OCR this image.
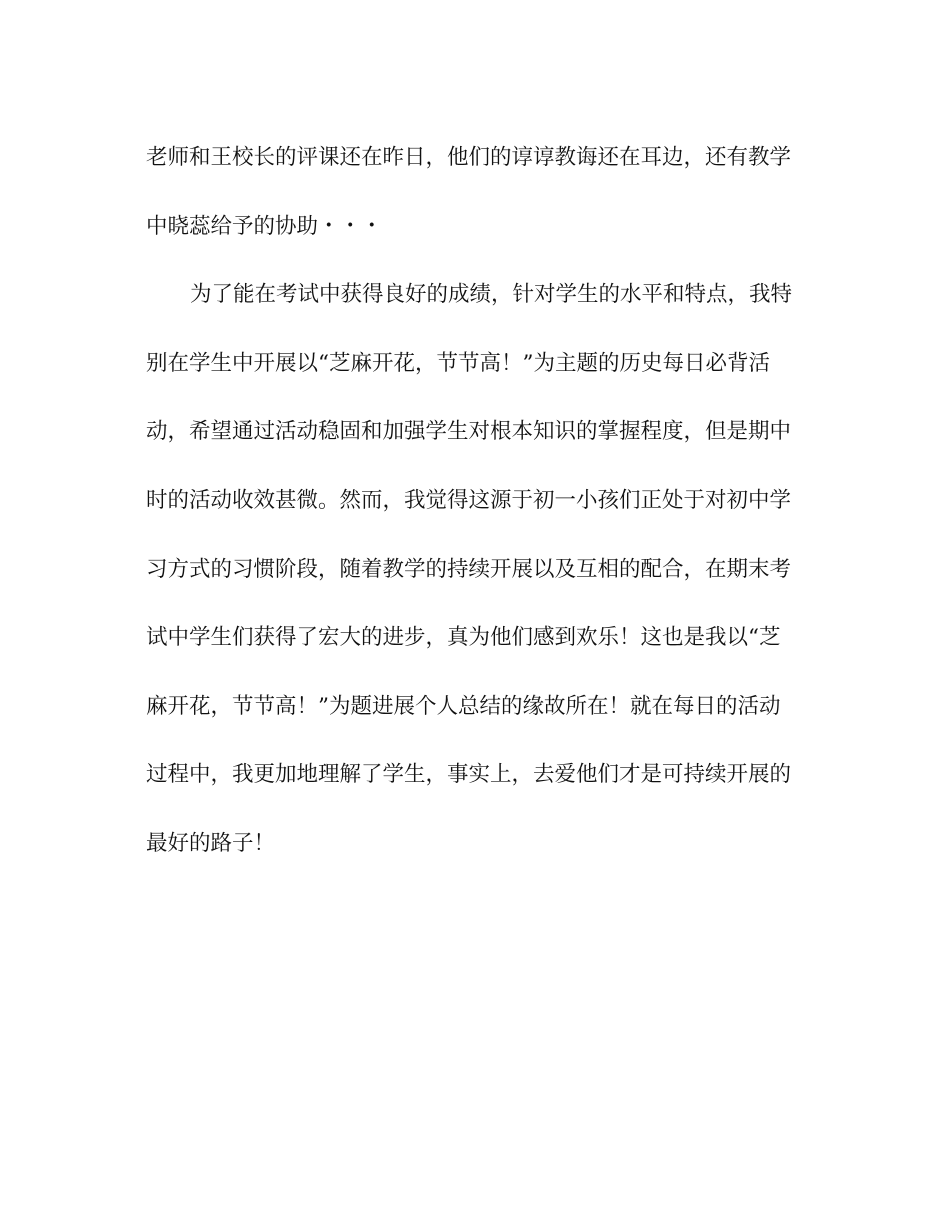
老师和王校长的评课还在昨日，他们的谆谆教诲还在耳边，还有教学
中晓蕊给予的协助・・・
为了能在考试中获得良好的成绩，针对学生的水平和特点，我特
别在学生中开展以“芝麻开花，节节高！”为主题的历史每日必背活
动，希望通过活动稳固和加强学生对根本知识的掌握程度，但是期中
时的活动收效甚微。然而，我觉得这源于初一小孩们正处于对初中学
习方式的习惯阶段，随着教学的持续开展以及互相的配合，在期末考
试中学生们获得了宏大的进步，真为他们感到欢乐！这也是我以“芝
麻开花，节节高！”为题进展个人总结的缘故所在！就在每日的活动
过程中，我更加地理解了学生，事实上，去爱他们才是可持续开展的
最好的路子！
